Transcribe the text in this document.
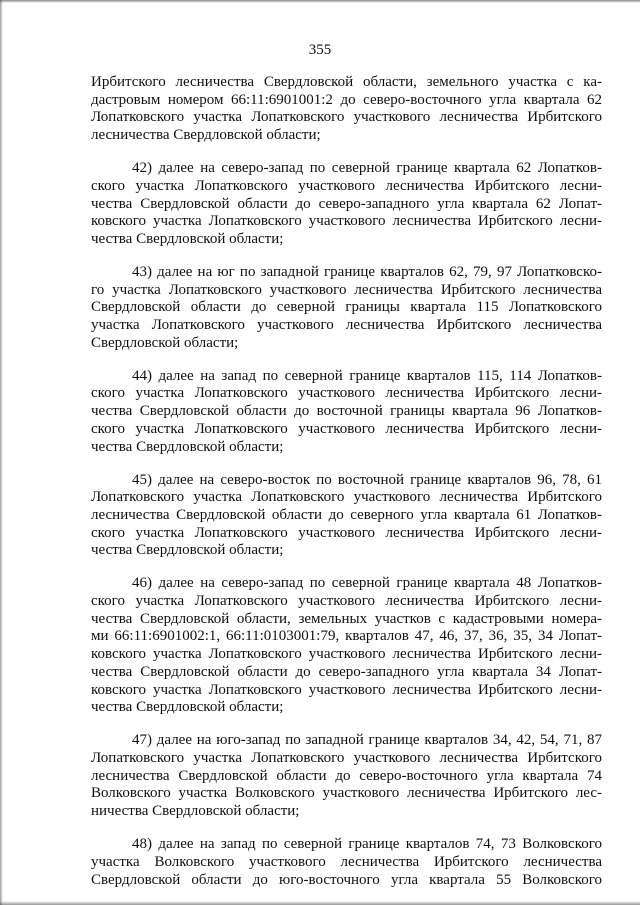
355

Ирбитского лесничества Свердловской области, земельного участка с ка-
дастровым номером 66:11:6901001:2 до северо-восточного угла квартала 62
Лопатковского участка Лопатковского участкового лесничества Ирбитского
лесничества Свердловской области;

42) далее на северо-запад по северной границе квартала 62 Лопатков-
ского участка Лопатковского участкового лесничества Ирбитского лесни-
чества Свердловской области до северо-западного угла квартала 62 Лопат-
ковского участка Лопатковского участкового лесничества Ирбитского лесни-
чества Свердловской области;

43) далее на юг по западной границе кварталов 62, 79, 97 Лопатковско-
го участка Лопатковского участкового лесничества Ирбитского лесничества
Свердловской области до северной границы квартала 115 Лопатковского
участка Лопатковского участкового лесничества Ирбитского лесничества
Свердловской области;

44) далее на запад по северной границе кварталов 115, 114 Лопатков-
ского участка Лопатковского участкового лесничества Ирбитского лесни-
чества Свердловской области до восточной границы квартала 96 Лопатков-
ского участка Лопатковского участкового лесничества Ирбитского лесни-
чества Свердловской области;

45) далее на северо-восток по восточной границе кварталов 96, 78, 61
Лопатковского участка Лопатковского участкового лесничества Ирбитского
лесничества Свердловской области до северного угла квартала 61 Лопатков-
ского участка Лопатковского участкового лесничества Ирбитского лесни-
чества Свердловской области;

46) далее на северо-запад по северной границе квартала 48 Лопатков-
ского участка Лопатковского участкового лесничества Ирбитского лесни-
чества Свердловской области, земельных участков с кадастровыми номера-
ми 66:11:6901002:1, 66:11:0103001:79, кварталов 47, 46, 37, 36, 35, 34 Лопат-
ковского участка Лопатковского участкового лесничества Ирбитского лесни-
чества Свердловской области до северо-западного угла квартала 34 Лопат-
ковского участка Лопатковского участкового лесничества Ирбитского лесни-
чества Свердловской области;

47) далее на юго-запад по западной границе кварталов 34, 42, 54, 71, 87
Лопатковского участка Лопатковского участкового лесничества Ирбитского
лесничества Свердловской области до северо-восточного угла квартала 74
Волковского участка Волковского участкового лесничества Ирбитского лес-
ничества Свердловской области;

48) далее на запад по северной границе кварталов 74, 73 Волковского
участка Волковского участкового лесничества Ирбитского лесничества
Свердловской области до юго-восточного угла квартала 55 Волковского
